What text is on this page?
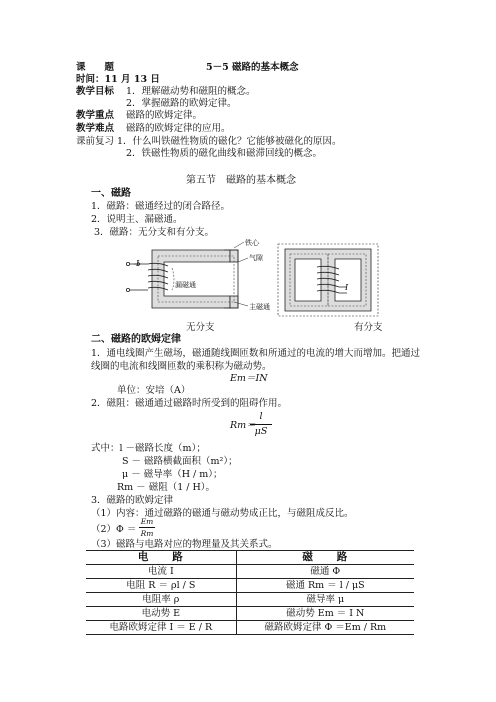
课　　题	5－5 磁路的基本概念
时间：11 月 13 日
教学目标 1．理解磁动势和磁阻的概念。
2．掌握磁路的欧姆定律。
教学重点 磁路的欧姆定律。
教学难点 磁路的欧姆定律的应用。
课前复习 1．什么叫铁磁性物质的磁化？它能够被磁化的原因。
2．铁磁性物质的磁化曲线和磁滞回线的概念。
第五节　磁路的基本概念
一、磁路
1．磁路：磁通经过的闭合路径。
2．说明主、漏磁通。
3．磁路：无分支和有分支。
I
铁心
气隙
漏磁通
主磁通
I
无分支	有分支
二、磁路的欧姆定律
1．通电线圈产生磁场，磁通随线圈匝数和所通过的电流的增大而增加。把通过线圈的电流和线圈匝数的乘积称为磁动势。
Em＝IN
单位：安培（A）
2．磁阻：磁通通过磁路时所受到的阻碍作用。
Rm＝
l
μS
式中：l －磁路长度（m）；
S － 磁路横截面积（m²）；
μ － 磁导率（H / m）；
Rm － 磁阻（1 / H）。
3．磁路的欧姆定律
（1）内容：通过磁路的磁通与磁动势成正比，与磁阻成反比。
（2）Φ ＝
Em
Rm
（3）磁路与电路对应的物理量及其关系式。
电　　路	磁　　路
电流 I	磁通 Φ
电阻 R ＝ ρl / S	磁通 Rm ＝ l / μS
电阻率 ρ	磁导率 μ
电动势 E	磁动势 Em ＝ I N
电路欧姆定律 I ＝ E / R	磁路欧姆定律 Φ ＝Em / Rm
